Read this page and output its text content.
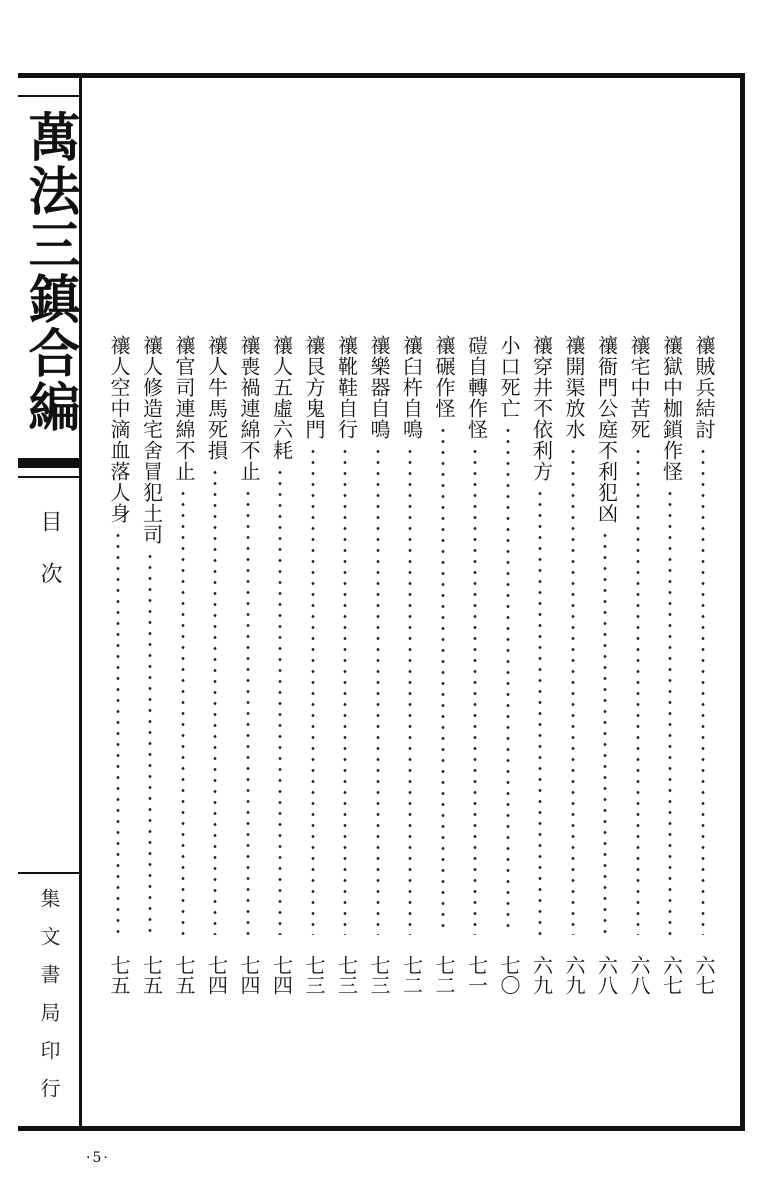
萬法三鎮合編
目次
集文書局印行
禳賊兵結討
六七
禳獄中枷鎖作怪
六七
禳宅中苦死
六八
禳衙門公庭不利犯凶
六八
禳開渠放水
六九
禳穿井不依利方
六九
小口死亡
七〇
磑自轉作怪
七一
禳碾作怪
七二
禳臼杵自鳴
七二
禳樂器自鳴
七三
禳靴鞋自行
七三
禳艮方鬼門
七三
禳人五虛六耗
七四
禳喪禍連綿不止
七四
禳人牛馬死損
七四
禳官司連綿不止
七五
禳人修造宅舍冒犯土司
七五
禳人空中滴血落人身
七五
·5·
